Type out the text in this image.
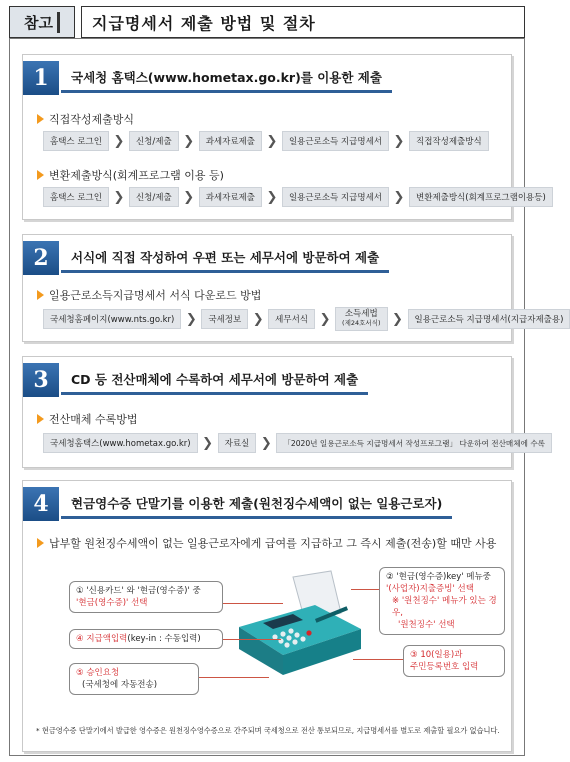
참고	지급명세서 제출 방법 및 절차
1	국세청 홈택스(www.hometax.go.kr)를 이용한 제출
직접작성제출방식
홈택스 로그인 ❯	신청/제출 ❯	과세자료제출 ❯	일용근로소득 지급명세서 ❯	직접작성제출방식
변환제출방식(회계프로그램 이용 등)
홈택스 로그인 ❯	신청/제출 ❯	과세자료제출 ❯	일용근로소득 지급명세서 ❯	변환제출방식(회계프로그램이용등)
2	서식에 직접 작성하여 우편 또는 세무서에 방문하여 제출
일용근로소득지급명세서 서식 다운로드 방법
국세청홈페이지(www.nts.go.kr) ❯	국세정보 ❯	세무서식 ❯ 소득세법
(제24호서식) ❯	일용근로소득 지급명세서(지급자제출용)
3	CD 등 전산매체에 수록하여 세무서에 방문하여 제출
전산매체 수록방법
국세청홈택스(www.hometax.go.kr) ❯	자료실 ❯	「2020년 일용근로소득 지급명세서 작성프로그램」 다운하여 전산매체에 수록
4	현금영수증 단말기를 이용한 제출(원천징수세액이 없는 일용근로자)
납부할 원천징수세액이 없는 일용근로자에게 급여를 지급하고 그 즉시 제출(전송)할 때만 사용
① '신용카드' 와 '현금(영수증)' 중
'현금(영수증)' 선택
② '현금(영수증)key' 메뉴중
'(사업자)지출증빙' 선택
※ '원천징수' 메뉴가 있는 경우,
'원천징수' 선택
④ 지급액입력(key-in : 수동입력)
③ 10(일용)과
주민등록번호 입력
⑤ 승인요청
(국세청에 자동전송)
* 현금영수증 단말기에서 발급한 영수증은 원천징수영수증으로 간주되며 국세청으로 전산 통보되므로, 지급명세서를 별도로 제출할 필요가 없습니다.
